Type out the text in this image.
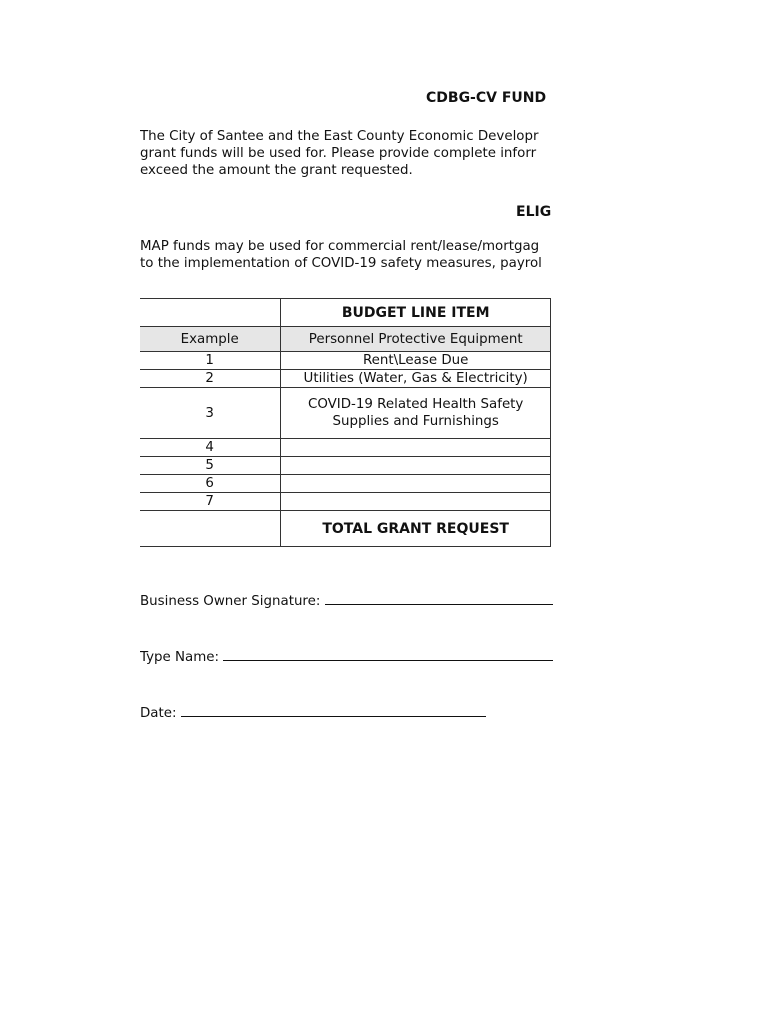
CDBG-CV FUND
The City of Santee and the East County Economic Developr
grant funds will be used for. Please provide complete inforr
exceed the amount the grant requested.
ELIG
MAP funds may be used for commercial rent/lease/mortgag
to the implementation of COVID-19 safety measures, payrol
	BUDGET LINE ITEM
Example	Personnel Protective Equipment
1	Rent\Lease Due
2	Utilities (Water, Gas & Electricity)
3	COVID-19 Related Health Safety Supplies and Furnishings
4	
5	
6	
7	
	TOTAL GRANT REQUEST
Business Owner Signature:
Type Name:
Date:
